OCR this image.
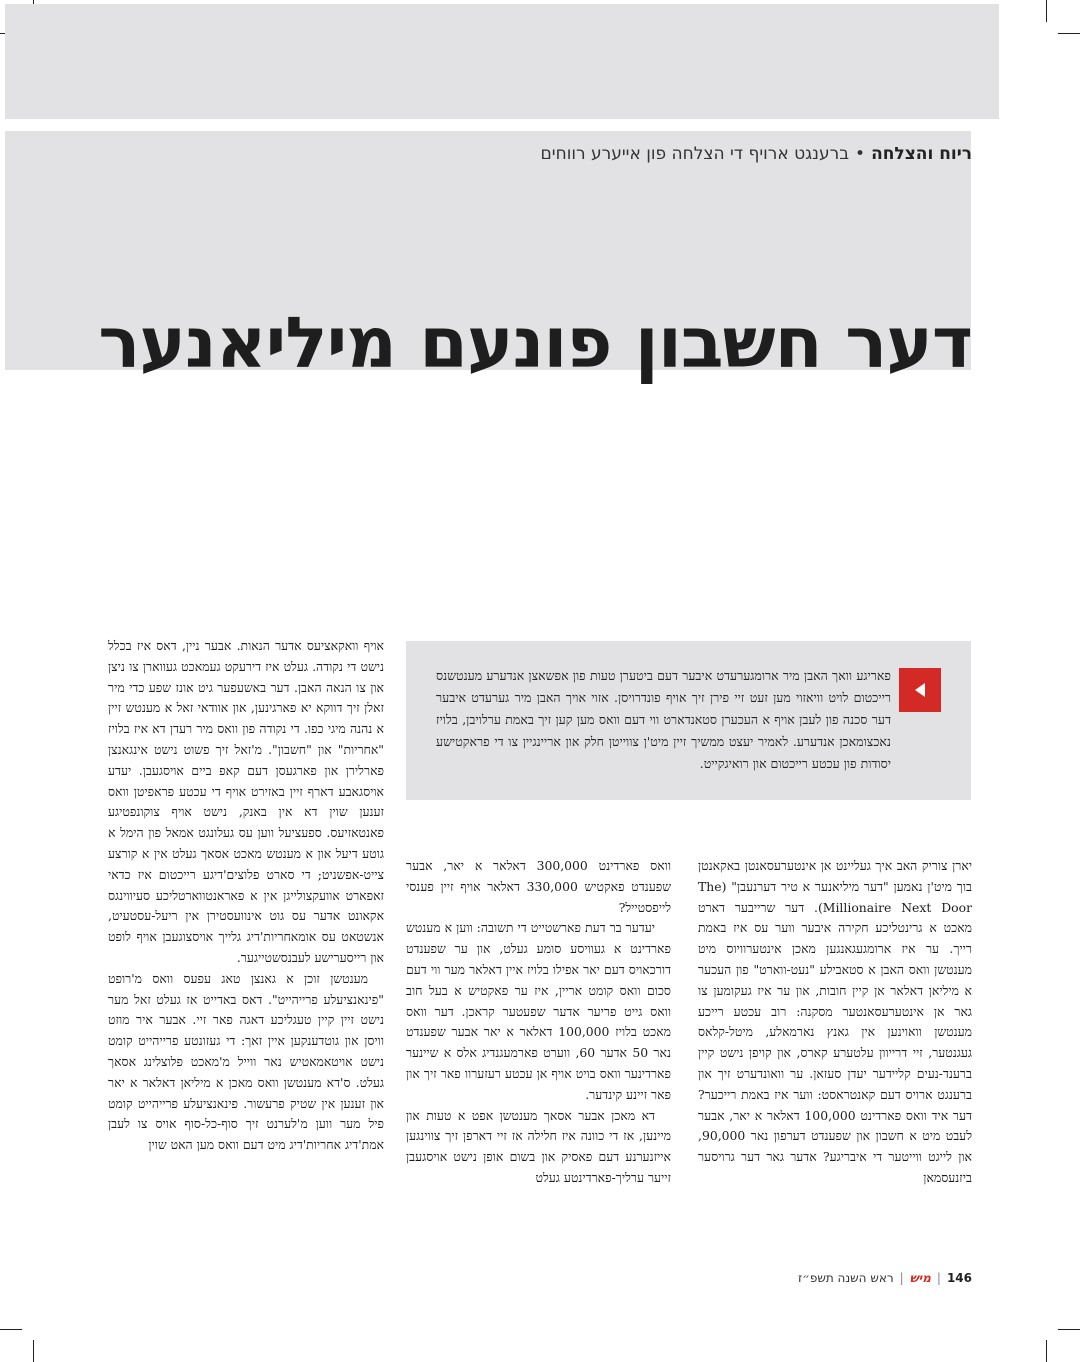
ריוח והצלחה•ברענגט ארויף די הצלחה פון אייערע רווחים
דער חשבון פונעם מיליאנער

פאריגע וואך האבן מיר ארומגערעדט איבער דעם ביטערן טעות פון אפשאצן אנדערע מענטשנס רייכטום לויט וויאזוי מען זעט זיי פירן זיך אויף פונדרויסן. אזוי אויך האבן מיר גערעדט איבער דער סכנה פון לעבן אויף א העכערן סטאנדארט ווי דעם וואס מען קען זיך באמת ערלויבן, בלויז נאכצומאכן אנדערע. לאמיר יעצט ממשיך זיין מיט'ן צווייטן חלק און אריינגיין צו די פראקטישע יסודות פון עכטע רייכטום און רואיגקייט.

יארן צוריק האב איך געליינט אן אינטערעסאנטן באקאנטן בוך מיט'ן נאמען "דער מיליאנער א טיר דערנעבן" (The Millionaire Next Door). דער שרייבער דארט מאכט א גרינטליכע חקירה איבער ווער עס איז באמת רייך. ער איז ארומגעגאנגען מאכן אינטערוויוס מיט מענטשן וואס האבן א סטאבילע "נעט-ווארט" פון העכער א מיליאן דאלאר אן קיין חובות, און ער איז געקומען צו גאר אן אינטערעסאנטער מסקנה: רוב עכטע רייכע מענטשן וואוינען אין גאנץ נארמאלע, מיטל-קלאס געגנטער, זיי דרייוון עלטערע קארס, און קויפן נישט קיין ברענד-נעים קליידער יעדן סעזאן. ער וואונדערט זיך און ברענגט ארויס דעם קאנטראסט: ווער איז באמת רייכער? דער איד וואס פארדינט 100,000 דאלאר א יאר, אבער לעבט מיט א חשבון און שפענדט דערפון נאר 90,000, און לייגט ווייטער די איבריגע? אדער גאר דער גרויסער ביזנעסמאן

וואס פארדינט 300,000 דאלאר א יאר, אבער שפענדט פאקטיש 330,000 דאלאר אויף זיין פענסי לייפסטייל?

יעדער בר דעת פארשטייט די תשובה: ווען א מענטש פארדינט א געוויסע סומע געלט, און ער שפענדט דורכאויס דעם יאר אפילו בלויז איין דאלאר מער ווי דעם סכום וואס קומט אריין, איז ער פאקטיש א בעל חוב וואס גייט פריער אדער שפעטער קראכן. דער וואס מאכט בלויז 100,000 דאלאר א יאר אבער שפענדט נאר 50 אדער 60, ווערט פארמעגנדיג אלס א שיינער פארדינער וואס בויט אויף אן עכטע רעזערוו פאר זיך און פאר זיינע קינדער.

דא מאכן אבער אסאך מענטשן אפט א טעות און מיינען, אז די כוונה איז חלילה אז זיי דארפן זיך צווינגען אייזנערנע דעם פאסיק און בשום אופן נישט אויסגעבן זייער ערליך-פארדינטע געלט

אויף וואקאציעס אדער הנאות. אבער ניין, דאס איז בכלל נישט די נקודה. געלט איז דירעקט געמאכט געווארן צו ניצן און צו הנאה האבן. דער באשעפער גיט אונז שפע כדי מיר זאלן זיך דווקא יא פארגינען, און אוודאי זאל א מענטש זיין א נהנה מיגי כפו. די נקודה פון וואס מיר רעדן דא איז בלויז "אחריות" און "חשבון". מ'זאל זיך פשוט נישט אינגאנצן פארלירן און פארגעסן דעם קאפ ביים אויסגעבן. יעדע אויסגאבע דארף זיין באזירט אויף די עכטע פראפיטן וואס זענען שוין דא אין באנק, נישט אויף צוקונפטיגע פאנטאזיעס. ספעציעל ווען עס געלונגט אמאל פון הימל א גוטע דיעל און א מענטש מאכט אסאך געלט אין א קורצע צייט-אפשניט; די סארט פלוצים'דיגע רייכטום איז כדאי זאפארט אוועקצולייגן אין א פאראנטווארטליכע סעיווינגס אקאונט אדער עס גוט אינוועסטירן אין ריעל-עסטעיט, אנשטאט עס אומאחריות'דיג גלייך אויסצוגעבן אויף לופט און רייסערישע לעבנסשטייגער.

מענטשן זוכן א גאנצן טאג עפעס וואס מ'רופט "פינאנציעלע פרייהייט". דאס באדייט אז געלט זאל מער נישט זיין קיין טעגליכע דאגה פאר זיי. אבער איר מוזט וויסן און גוטדענקען איין זאך: די געזונטע פרייהייט קומט נישט אויטאמאטיש נאר ווייל מ'מאכט פלוצלינג אסאך געלט. ס'דא מענטשן וואס מאכן א מיליאן דאלאר א יאר און זענען אין שטיק פרעשור. פינאנציעלע פרייהייט קומט פיל מער ווען מ'לערנט זיך סוף-כל-סוף אויס צו לעבן אמת'דיג אחריות'דיג מיט דעם וואס מען האט שוין

146
|
מיש
|
ראש השנה תשפ״ז
